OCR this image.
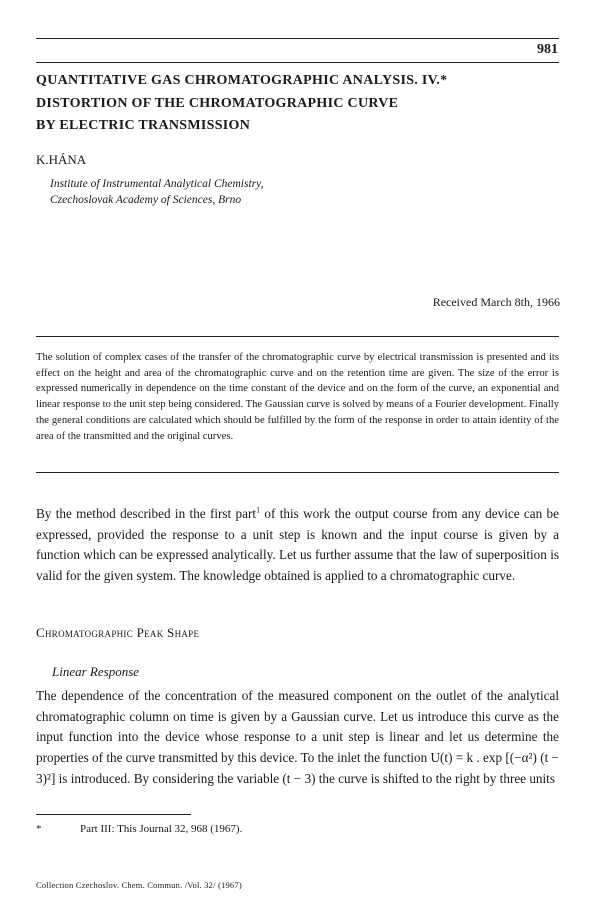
981
QUANTITATIVE GAS CHROMATOGRAPHIC ANALYSIS. IV.*
DISTORTION OF THE CHROMATOGRAPHIC CURVE
BY ELECTRIC TRANSMISSION
K.HÁNA
Institute of Instrumental Analytical Chemistry,
Czechoslovak Academy of Sciences, Brno
Received March 8th, 1966
The solution of complex cases of the transfer of the chromatographic curve by electrical transmission is presented and its effect on the height and area of the chromatographic curve and on the retention time are given. The size of the error is expressed numerically in dependence on the time constant of the device and on the form of the curve, an exponential and linear response to the unit step being considered. The Gaussian curve is solved by means of a Fourier development. Finally the general conditions are calculated which should be fulfilled by the form of the response in order to attain identity of the area of the transmitted and the original curves.
By the method described in the first part$^1$ of this work the output course from any device can be expressed, provided the response to a unit step is known and the input course is given by a function which can be expressed analytically. Let us further assume that the law of superposition is valid for the given system. The knowledge obtained is applied to a chromatographic curve.
Chromatographic Peak Shape
Linear Response
The dependence of the concentration of the measured component on the outlet of the analytical chromatographic column on time is given by a Gaussian curve. Let us introduce this curve as the input function into the device whose response to a unit step is linear and let us determine the properties of the curve transmitted by this device. To the inlet the function U(t) = k . exp [(−α²) (t − 3)²] is introduced. By considering the variable (t − 3) the curve is shifted to the right by three units
*	Part III: This Journal 32, 968 (1967).
Collection Czechoslov. Chem. Commun. /Vol. 32/ (1967)
